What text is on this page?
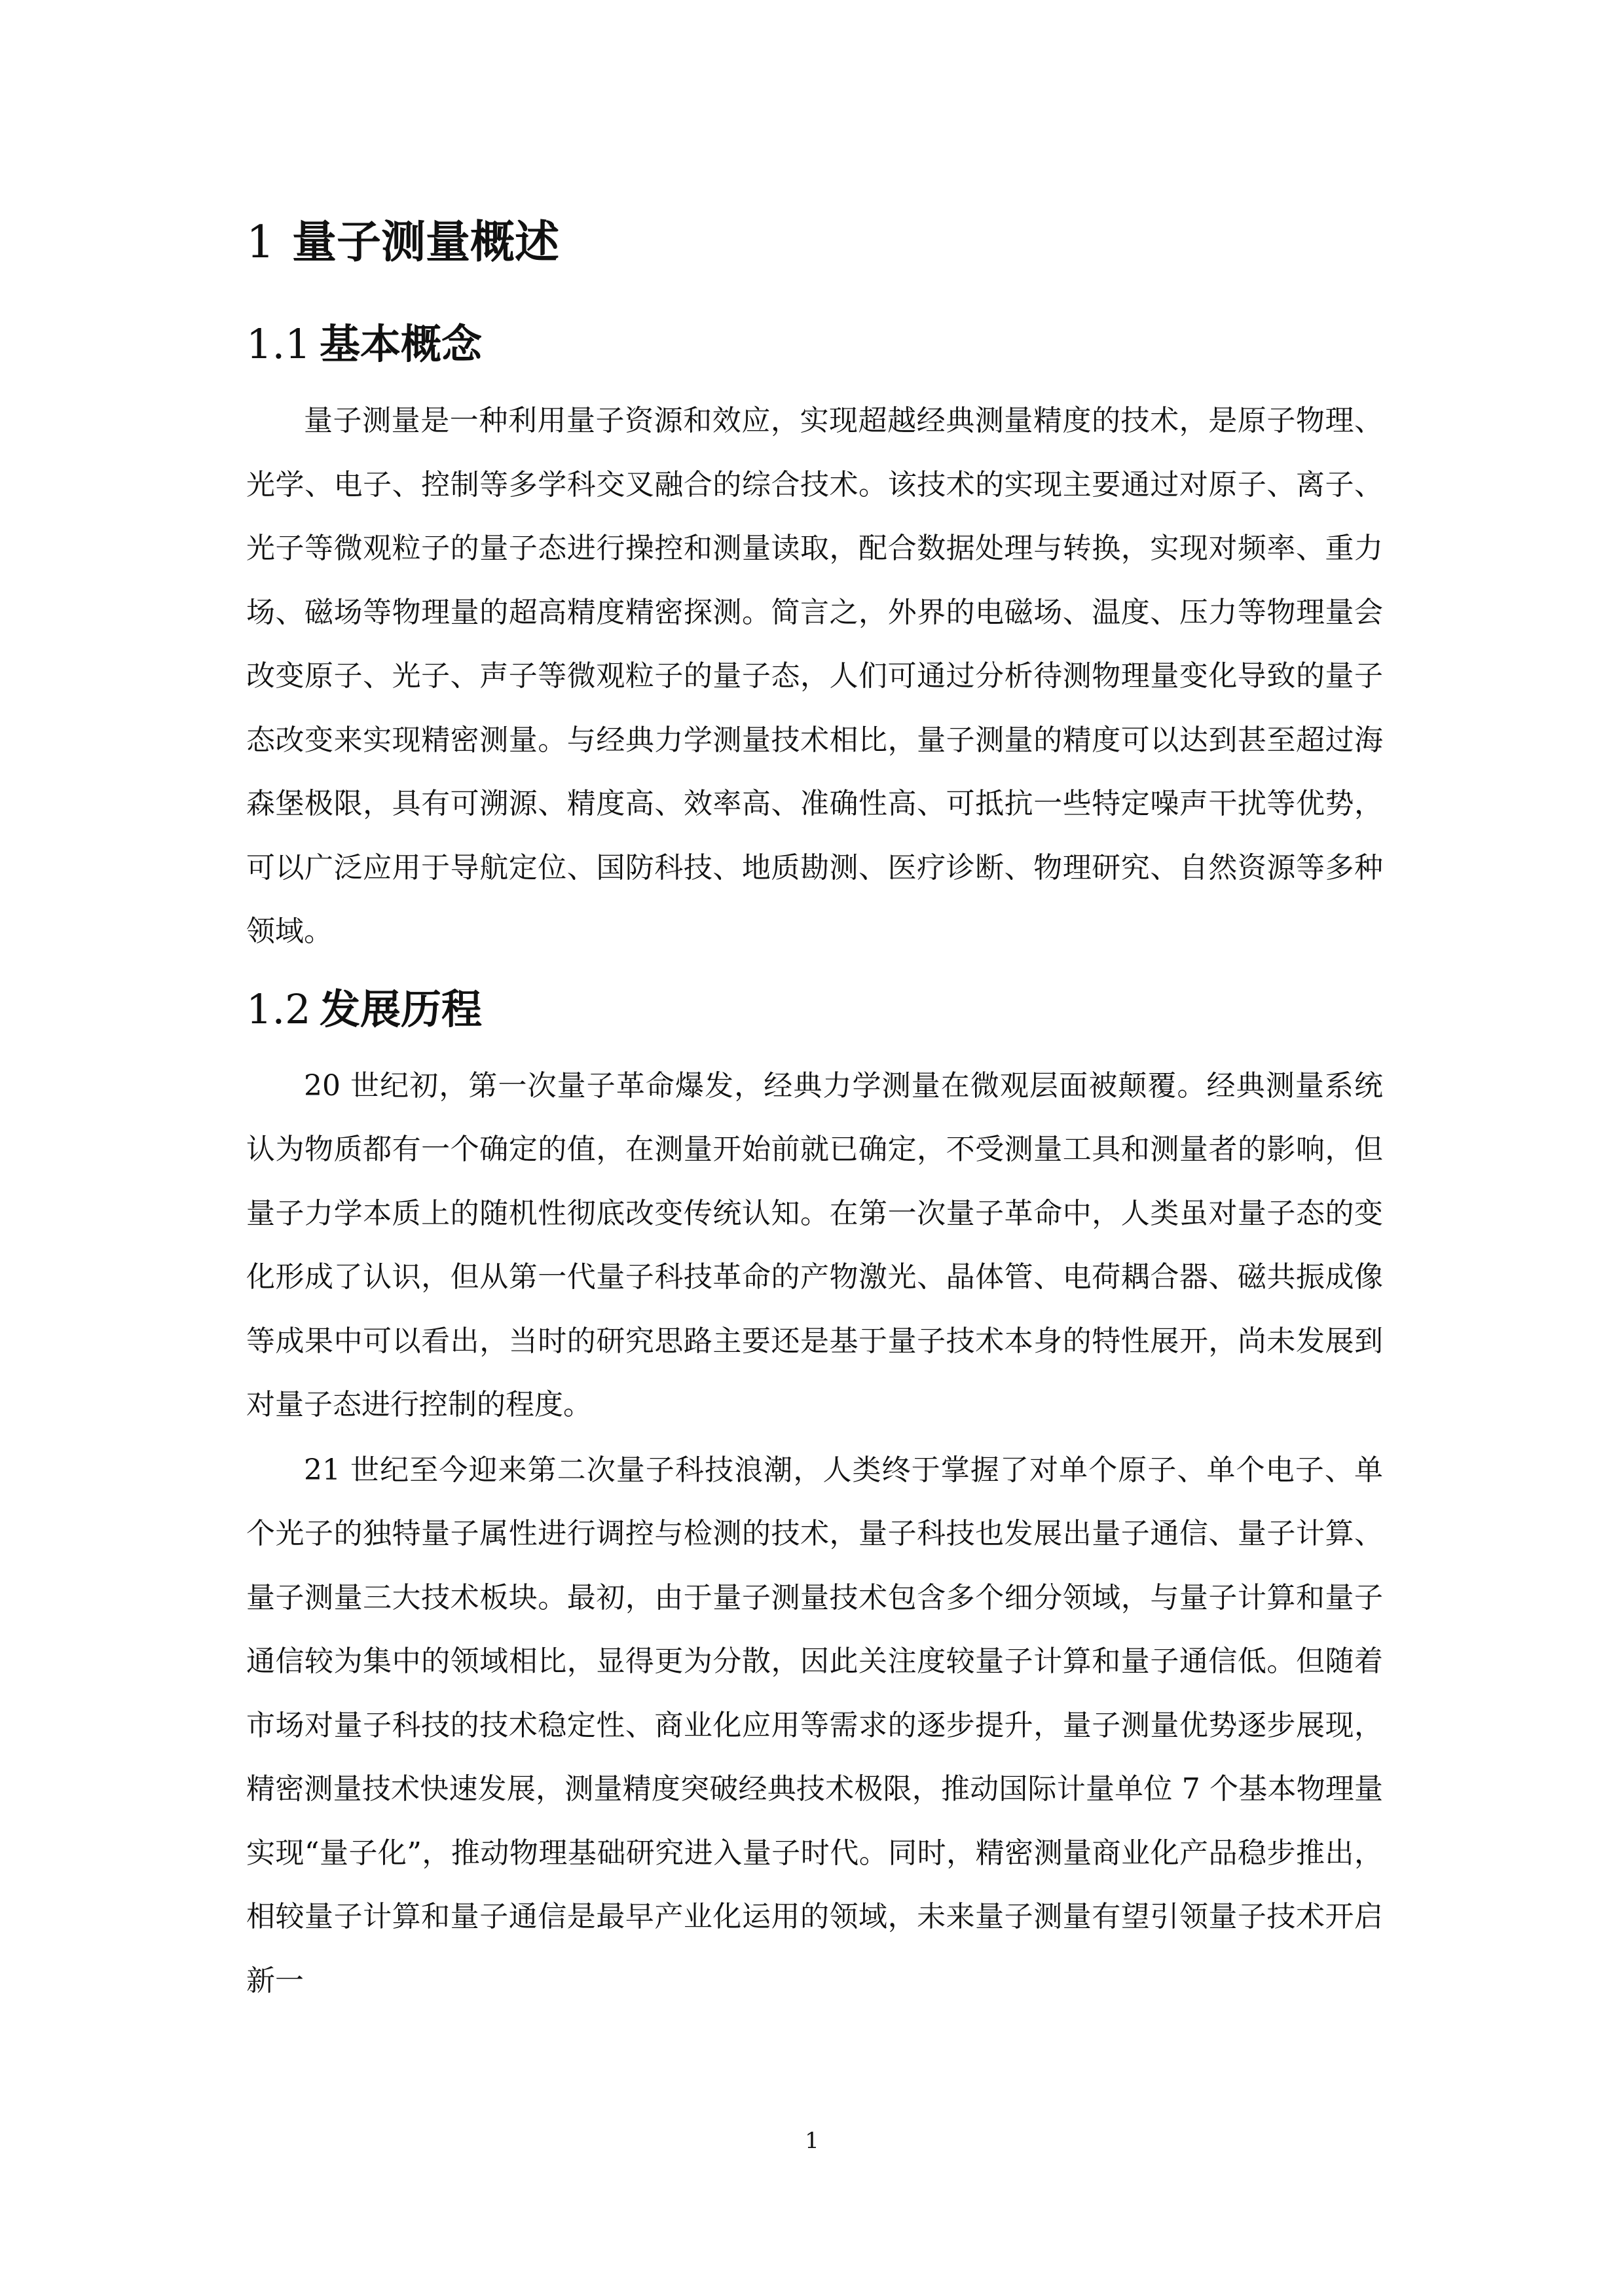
1 量子测量概述
1.1 基本概念

量子测量是一种利用量子资源和效应，实现超越经典测量精度的技术，是原子物理、光学、电子、控制等多学科交叉融合的综合技术。该技术的实现主要通过对原子、离子、光子等微观粒子的量子态进行操控和测量读取，配合数据处理与转换，实现对频率、重力场、磁场等物理量的超高精度精密探测。简言之，外界的电磁场、温度、压力等物理量会改变原子、光子、声子等微观粒子的量子态，人们可通过分析待测物理量变化导致的量子态改变来实现精密测量。与经典力学测量技术相比，量子测量的精度可以达到甚至超过海森堡极限，具有可溯源、精度高、效率高、准确性高、可抵抗一些特定噪声干扰等优势，可以广泛应用于导航定位、国防科技、地质勘测、医疗诊断、物理研究、自然资源等多种领域。

1.2 发展历程

20 世纪初，第一次量子革命爆发，经典力学测量在微观层面被颠覆。经典测量系统认为物质都有一个确定的值，在测量开始前就已确定，不受测量工具和测量者的影响，但量子力学本质上的随机性彻底改变传统认知。在第一次量子革命中，人类虽对量子态的变化形成了认识，但从第一代量子科技革命的产物激光、晶体管、电荷耦合器、磁共振成像等成果中可以看出，当时的研究思路主要还是基于量子技术本身的特性展开，尚未发展到对量子态进行控制的程度。

21 世纪至今迎来第二次量子科技浪潮，人类终于掌握了对单个原子、单个电子、单个光子的独特量子属性进行调控与检测的技术，量子科技也发展出量子通信、量子计算、量子测量三大技术板块。最初，由于量子测量技术包含多个细分领域，与量子计算和量子通信较为集中的领域相比，显得更为分散，因此关注度较量子计算和量子通信低。但随着市场对量子科技的技术稳定性、商业化应用等需求的逐步提升，量子测量优势逐步展现，精密测量技术快速发展，测量精度突破经典技术极限，推动国际计量单位 7 个基本物理量实现“量子化”，推动物理基础研究进入量子时代。同时，精密测量商业化产品稳步推出，相较量子计算和量子通信是最早产业化运用的领域，未来量子测量有望引领量子技术开启新一

1
